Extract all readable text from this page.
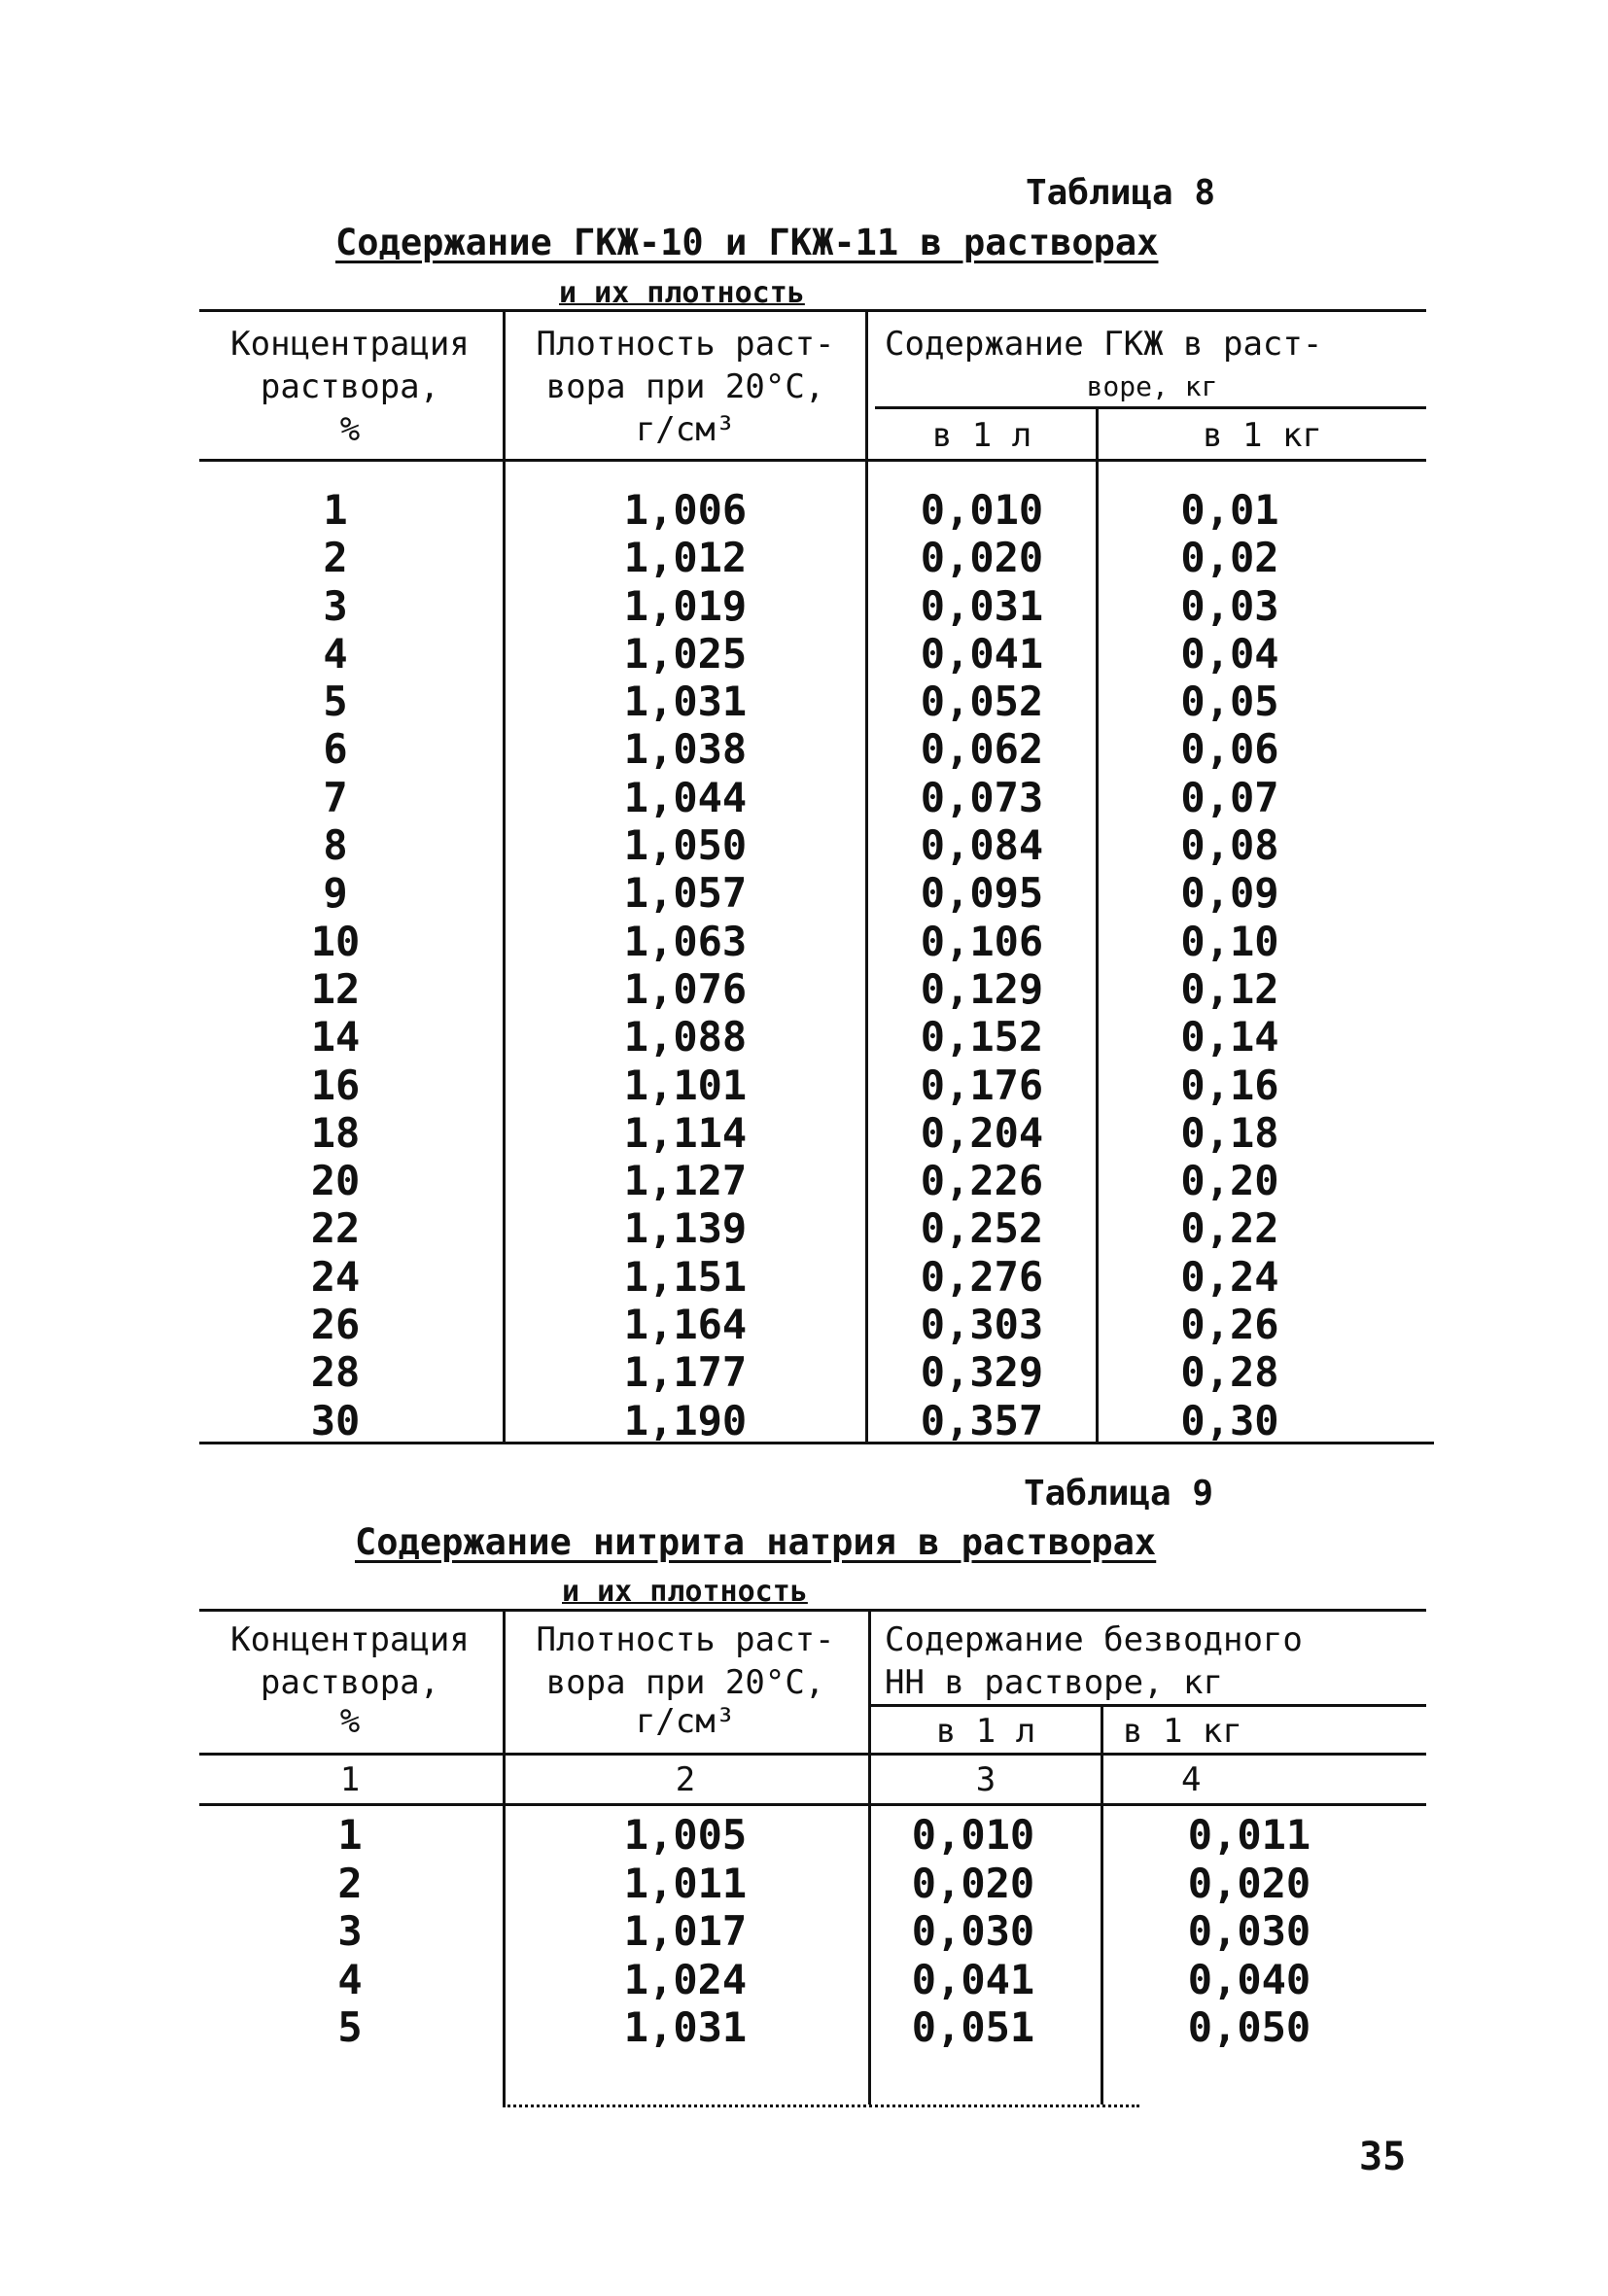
Таблица 8
Содержание ГКЖ-10 и ГКЖ-11 в растворах
и их плотность
Концентрация
раствора,
%
Плотность раст-
вора при 20°C,
г/см³
Содержание ГКЖ в раст-
воре, кг
в 1 л	в 1 кг
1	1,006	0,010	0,01
2	1,012	0,020	0,02
3	1,019	0,031	0,03
4	1,025	0,041	0,04
5	1,031	0,052	0,05
6	1,038	0,062	0,06
7	1,044	0,073	0,07
8	1,050	0,084	0,08
9	1,057	0,095	0,09
10	1,063	0,106	0,10
12	1,076	0,129	0,12
14	1,088	0,152	0,14
16	1,101	0,176	0,16
18	1,114	0,204	0,18
20	1,127	0,226	0,20
22	1,139	0,252	0,22
24	1,151	0,276	0,24
26	1,164	0,303	0,26
28	1,177	0,329	0,28
30	1,190	0,357	0,30
Таблица 9
Содержание нитрита натрия в растворах
и их плотность
Концентрация
раствора,
%
Плотность раст-
вора при 20°C,
г/см³
Содержание безводного
НН в растворе, кг
в 1 л	в 1 кг
1	2	3	4
1	1,005	0,010	0,011
2	1,011	0,020	0,020
3	1,017	0,030	0,030
4	1,024	0,041	0,040
5	1,031	0,051	0,050
35
